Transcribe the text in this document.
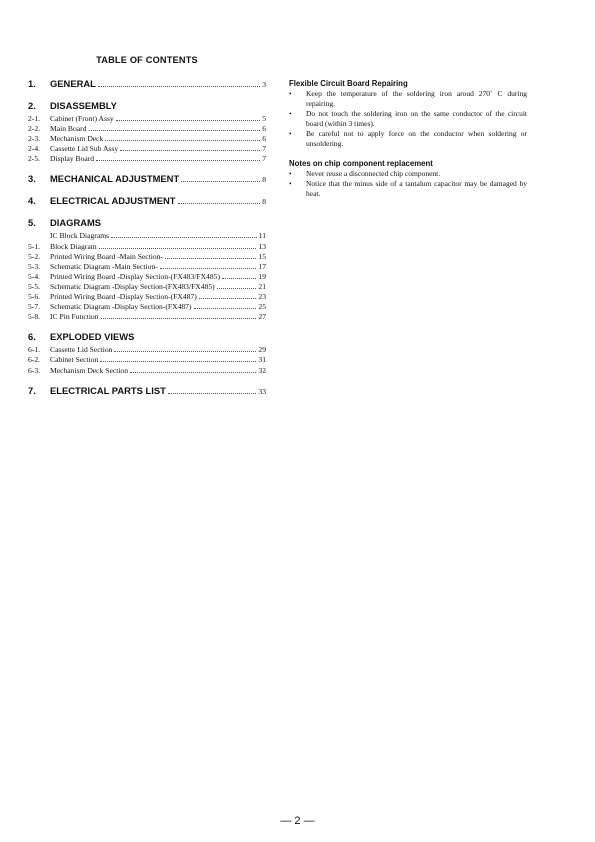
TABLE OF CONTENTS
1.	GENERAL	3
2.	DISASSEMBLY
2-1.	Cabinet (Front) Assy	5
2-2.	Main Board	6
2-3.	Mechanism Deck	6
2-4.	Cassette Lid Sub Assy	7
2-5.	Display Board	7
3.	MECHANICAL ADJUSTMENT	8
4.	ELECTRICAL ADJUSTMENT	8
5.	DIAGRAMS
IC Block Diagrams	11
5-1.	Block Diagram	13
5-2.	Printed Wiring Board -Main Section-	15
5-3.	Schematic Diagram -Main Section-	17
5-4.	Printed Wiring Board -Display Section-(FX483/FX485)	19
5-5.	Schematic Diagram -Display Section-(FX483/FX485)	21
5-6.	Printed Wiring Board -Display Section-(FX487)	23
5-7.	Schematic Diagram -Display Section-(FX487)	25
5-8.	IC Pin Function	27
6.	EXPLODED VIEWS
6-1.	Cassette Lid Section	29
6-2.	Cabinet Section	31
6-3.	Mechanism Deck Section	32
7.	ELECTRICAL PARTS LIST	33
Flexible Circuit Board Repairing
•	Keep the temperature of the soldering iron aroud 270˚ C during repairing.
•	Do not touch the soldering iron on the same conductor of the circuit board (within 3 times).
•	Be careful not to apply force on the conductor when soldering or unsoldering.
Notes on chip component replacement
•	Never reuse a disconnected chip component.
•	Notice that the minus side of a tantalum capacitor may be damaged by heat.
— 2 —
